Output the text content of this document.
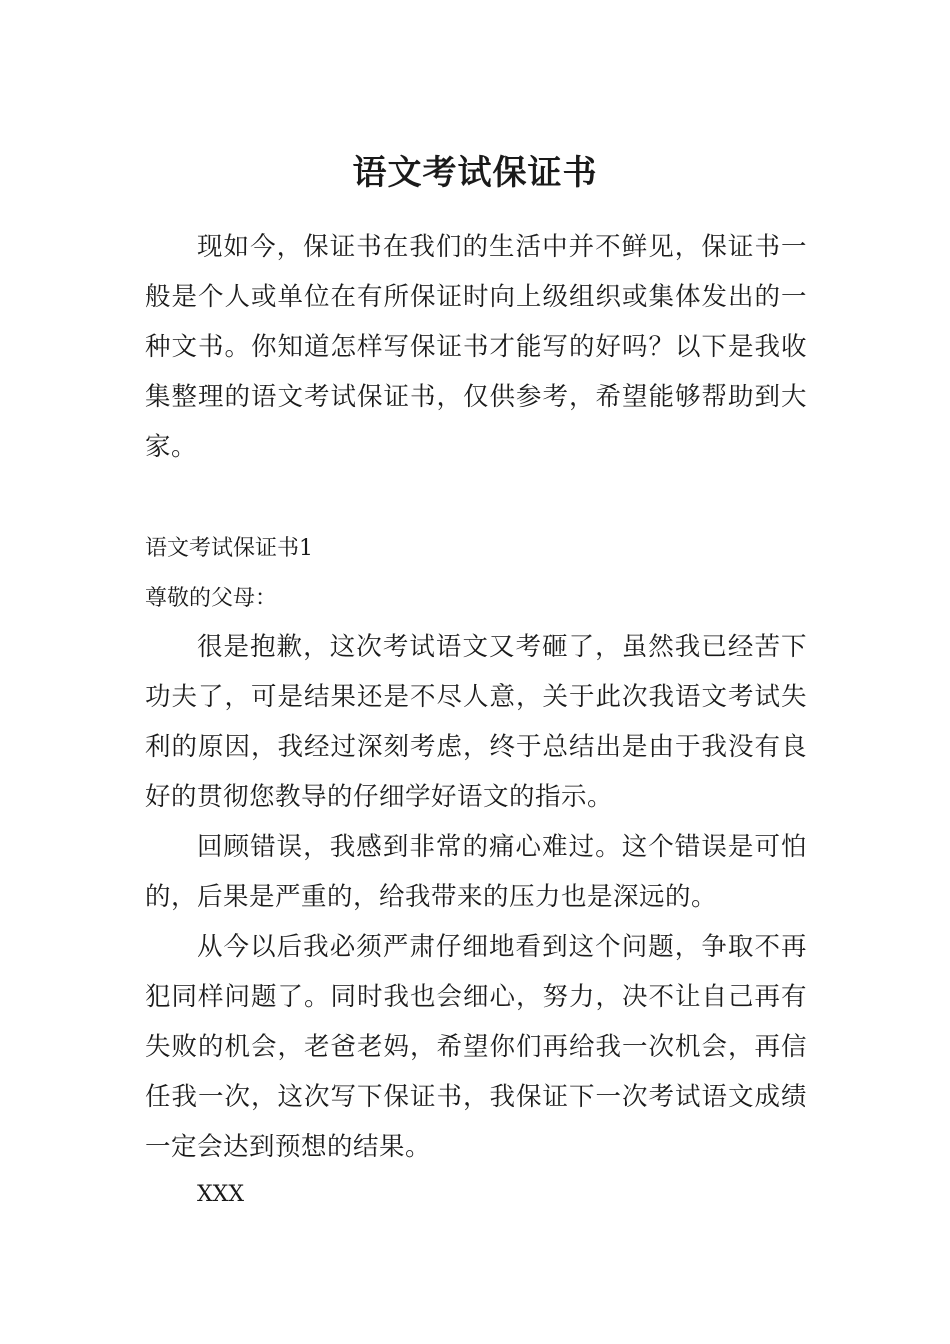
语文考试保证书

现如今，保证书在我们的生活中并不鲜见，保证书一般是个人或单位在有所保证时向上级组织或集体发出的一种文书。你知道怎样写保证书才能写的好吗？以下是我收集整理的语文考试保证书，仅供参考，希望能够帮助到大家。

语文考试保证书1

尊敬的父母：

很是抱歉，这次考试语文又考砸了，虽然我已经苦下功夫了，可是结果还是不尽人意，关于此次我语文考试失利的原因，我经过深刻考虑，终于总结出是由于我没有良好的贯彻您教导的仔细学好语文的指示。

回顾错误，我感到非常的痛心难过。这个错误是可怕的，后果是严重的，给我带来的压力也是深远的。

从今以后我必须严肃仔细地看到这个问题，争取不再犯同样问题了。同时我也会细心，努力，决不让自己再有失败的机会，老爸老妈，希望你们再给我一次机会，再信任我一次，这次写下保证书，我保证下一次考试语文成绩一定会达到预想的结果。

XXX
